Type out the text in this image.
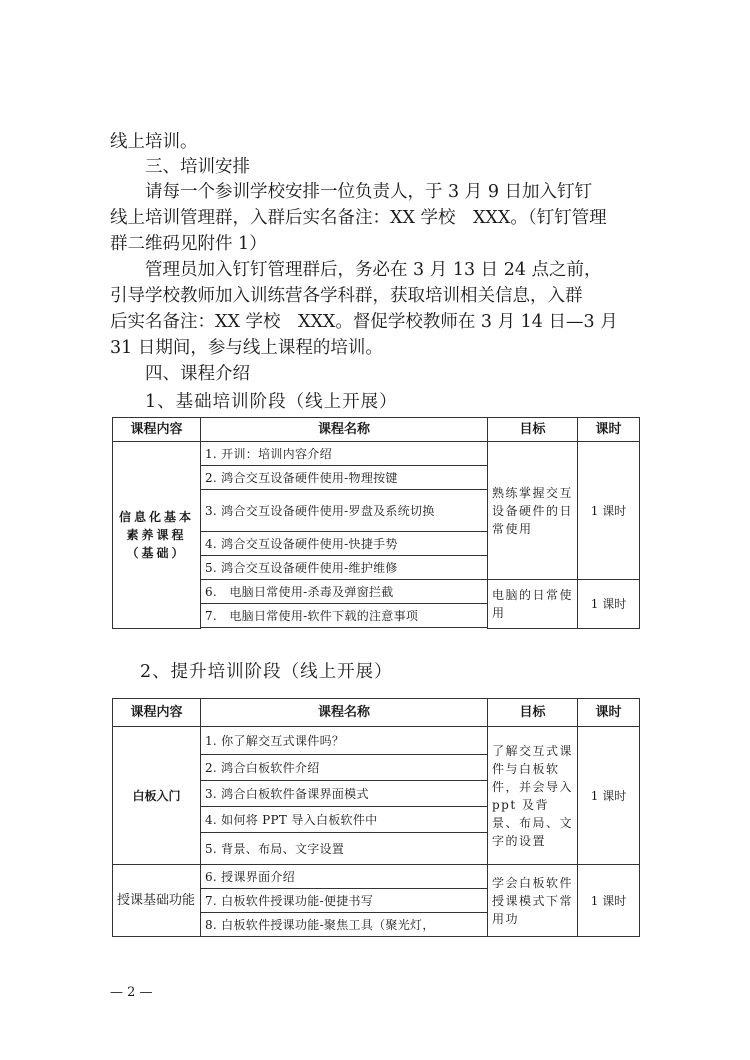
线上培训。
三、培训安排
请每一个参训学校安排一位负责人，于 3 月 9 日加入钉钉
线上培训管理群，入群后实名备注：XX 学校　XXX。（钉钉管理
群二维码见附件 1）
管理员加入钉钉管理群后，务必在 3 月 13 日 24 点之前，
引导学校教师加入训练营各学科群，获取培训相关信息，入群
后实名备注：XX 学校　XXX。督促学校教师在 3 月 14 日—3 月
31 日期间，参与线上课程的培训。
四、课程介绍
1、基础培训阶段（线上开展）
课程内容	课程名称	目标	课时
信息化基本素养课程（基础）	1. 开训：培训内容介绍	熟练掌握交互设备硬件的日常使用	1 课时
	2. 鸿合交互设备硬件使用-物理按键		
	3. 鸿合交互设备硬件使用-罗盘及系统切换		
	4. 鸿合交互设备硬件使用-快捷手势		
	5. 鸿合交互设备硬件使用-维护维修		
	6.　电脑日常使用-杀毒及弹窗拦截	电脑的日常使用	1 课时
	7.　电脑日常使用-软件下载的注意事项		

2、提升培训阶段（线上开展）
课程内容	课程名称	目标	课时
白板入门	1. 你了解交互式课件吗？	了解交互式课件与白板软件，并会导入 ppt 及背景、布局、文字的设置	1 课时
	2. 鸿合白板软件介绍		
	3. 鸿合白板软件备课界面模式		
	4. 如何将 PPT 导入白板软件中		
	5. 背景、布局、文字设置		
授课基础功能	6. 授课界面介绍	学会白板软件授课模式下常用功	1 课时
	7. 白板软件授课功能-便捷书写		
	8. 白板软件授课功能-聚焦工具（聚光灯，		
— 2 —
